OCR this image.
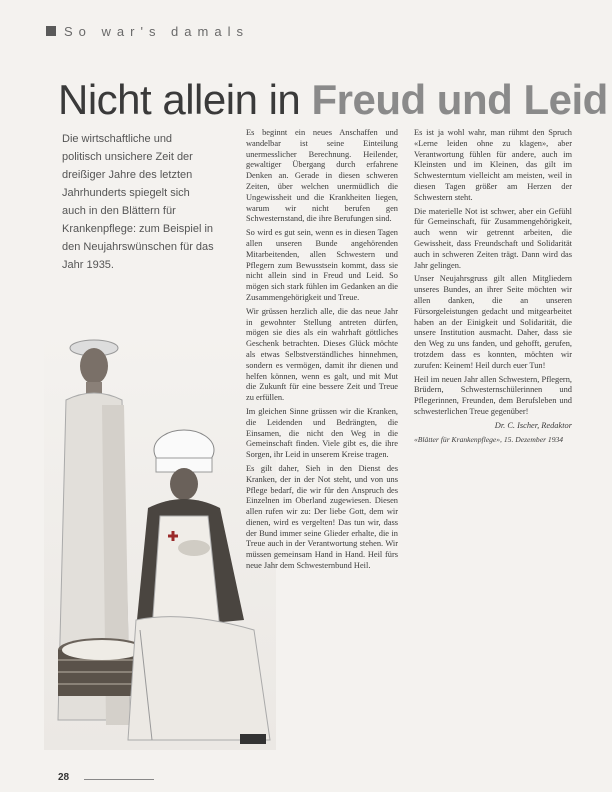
So war's damals
Nicht allein in Freud und Leid
Die wirtschaftliche und politisch unsichere Zeit der dreißiger Jahre des letzten Jahrhunderts spiegelt sich auch in den Blättern für Krankenpflege: zum Beispiel in den Neujahrswünschen für das Jahr 1935.

Es beginnt ein neues Anschaffen und wandelbar ist seine Einteilung unermesslicher Berechnung. Heilender, gewaltiger Übergang durch erfahrene Denken an. Gerade in diesen schweren Zeiten, über welchen unermüdlich die Ungewissheit und die Krankheiten liegen, warum wir nicht berufen gen Schwesternstand, die ihre Berufungen sind.

So wird es gut sein, wenn es in diesen Tagen allen unseren Bunde angehörenden Mitarbeitenden, allen Schwestern und Pflegern zum Bewusstsein kommt, dass sie nicht allein sind in Freud und Leid. So mögen sich stark fühlen im Gedanken an die Zusammengehörigkeit und Treue.

Wir grüssen herzlich alle, die das neue Jahr in gewohnter Stellung antreten dürfen, mögen sie dies als ein wahrhaft göttliches Geschenk betrachten. Dieses Glück möchte als etwas Selbstverständliches hinnehmen, sondern es vermögen, damit ihr dienen und helfen können, wenn es galt, und mit Mut die Zukunft für eine bessere Zeit und Treue zu erfüllen.

Im gleichen Sinne grüssen wir die Kranken, die Leidenden und Bedrängten, die Einsamen, die nicht den Weg in die Gemeinschaft finden. Viele gibt es, die ihre Sorgen, ihr Leid in unserem Kreise tragen.

Es gilt daher, Sieh in den Dienst des Kranken, der in der Not steht, und von uns Pflege bedarf, die wir für den Anspruch des Einzelnen im Oberland zugewiesen. Diesen allen rufen wir zu: Der liebe Gott, dem wir dienen, wird es vergelten! Das tun wir, dass der Bund immer seine Glieder erhalte, die in Treue auch in der Verantwortung stehen. Wir müssen gemeinsam Hand in Hand. Heil fürs neue Jahr dem Schwesternbund Heil.

Es ist ja wohl wahr, man rühmt den Spruch «Lerne leiden ohne zu klagen», aber Verantwortung fühlen für andere, auch im Kleinsten und im Kleinen, das gilt im Schwesterntum vielleicht am meisten, weil in diesen Tagen größer am Herzen der Schwestern steht.

Die materielle Not ist schwer, aber ein Gefühl für Gemeinschaft, für Zusammengehörigkeit, auch wenn wir getrennt arbeiten, die Gewissheit, dass Freundschaft und Solidarität auch in schweren Zeiten trägt. Dann wird das Jahr gelingen.

Unser Neujahrsgruss gilt allen Mitgliedern unseres Bundes, an ihrer Seite möchten wir allen danken, die an unseren Fürsorgeleistungen gedacht und mitgearbeitet haben an der Einigkeit und Solidarität, die unsere Institution ausmacht. Daher, dass sie den Weg zu uns fanden, und gehofft, gerufen, trotzdem dass es konnten, möchten wir zurufen: Keinem! Heil durch euer Tun!

Heil im neuen Jahr allen Schwestern, Pflegern, Brüdern, Schwesternschülerinnen und Pflegerinnen, Freunden, dem Berufsleben und schwesterlichen Treue gegenüber!

Dr. C. Ischer, Redaktor

«Blätter für Krankenpflege», 15. Dezember 1934

28
